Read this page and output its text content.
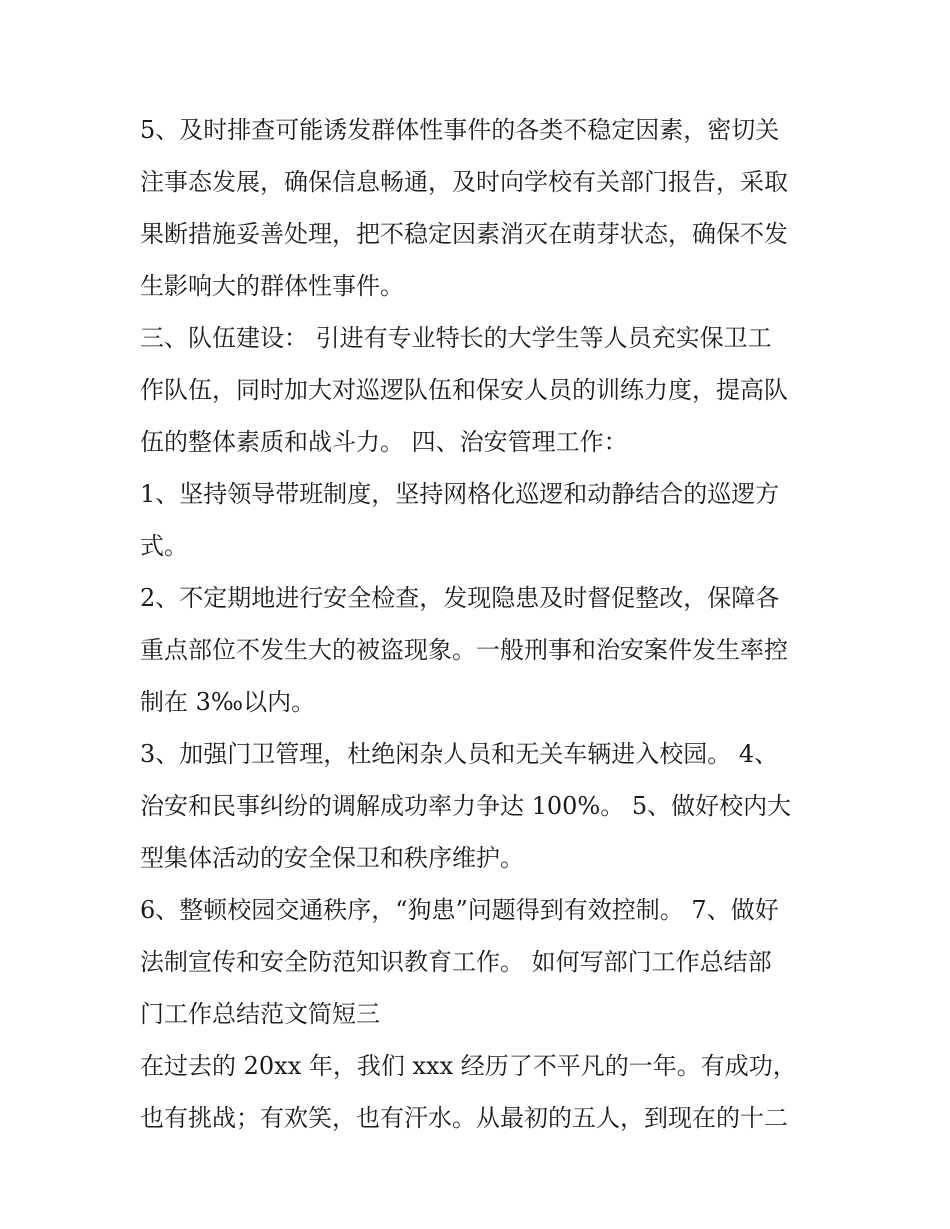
5、及时排查可能诱发群体性事件的各类不稳定因素，密切关
注事态发展，确保信息畅通，及时向学校有关部门报告，采取
果断措施妥善处理，把不稳定因素消灭在萌芽状态，确保不发
生影响大的群体性事件。
三、队伍建设： 引进有专业特长的大学生等人员充实保卫工
作队伍，同时加大对巡逻队伍和保安人员的训练力度，提高队
伍的整体素质和战斗力。 四、治安管理工作：
1、坚持领导带班制度，坚持网格化巡逻和动静结合的巡逻方
式。
2、不定期地进行安全检查，发现隐患及时督促整改，保障各
重点部位不发生大的被盗现象。一般刑事和治安案件发生率控
制在 3‰以内。
3、加强门卫管理，杜绝闲杂人员和无关车辆进入校园。 4、
治安和民事纠纷的调解成功率力争达 100%。 5、做好校内大
型集体活动的安全保卫和秩序维护。
6、整顿校园交通秩序，“狗患”问题得到有效控制。 7、做好
法制宣传和安全防范知识教育工作。 如何写部门工作总结部
门工作总结范文简短三
在过去的 20xx 年，我们 xxx 经历了不平凡的一年。有成功，
也有挑战；有欢笑，也有汗水。从最初的五人，到现在的十二
